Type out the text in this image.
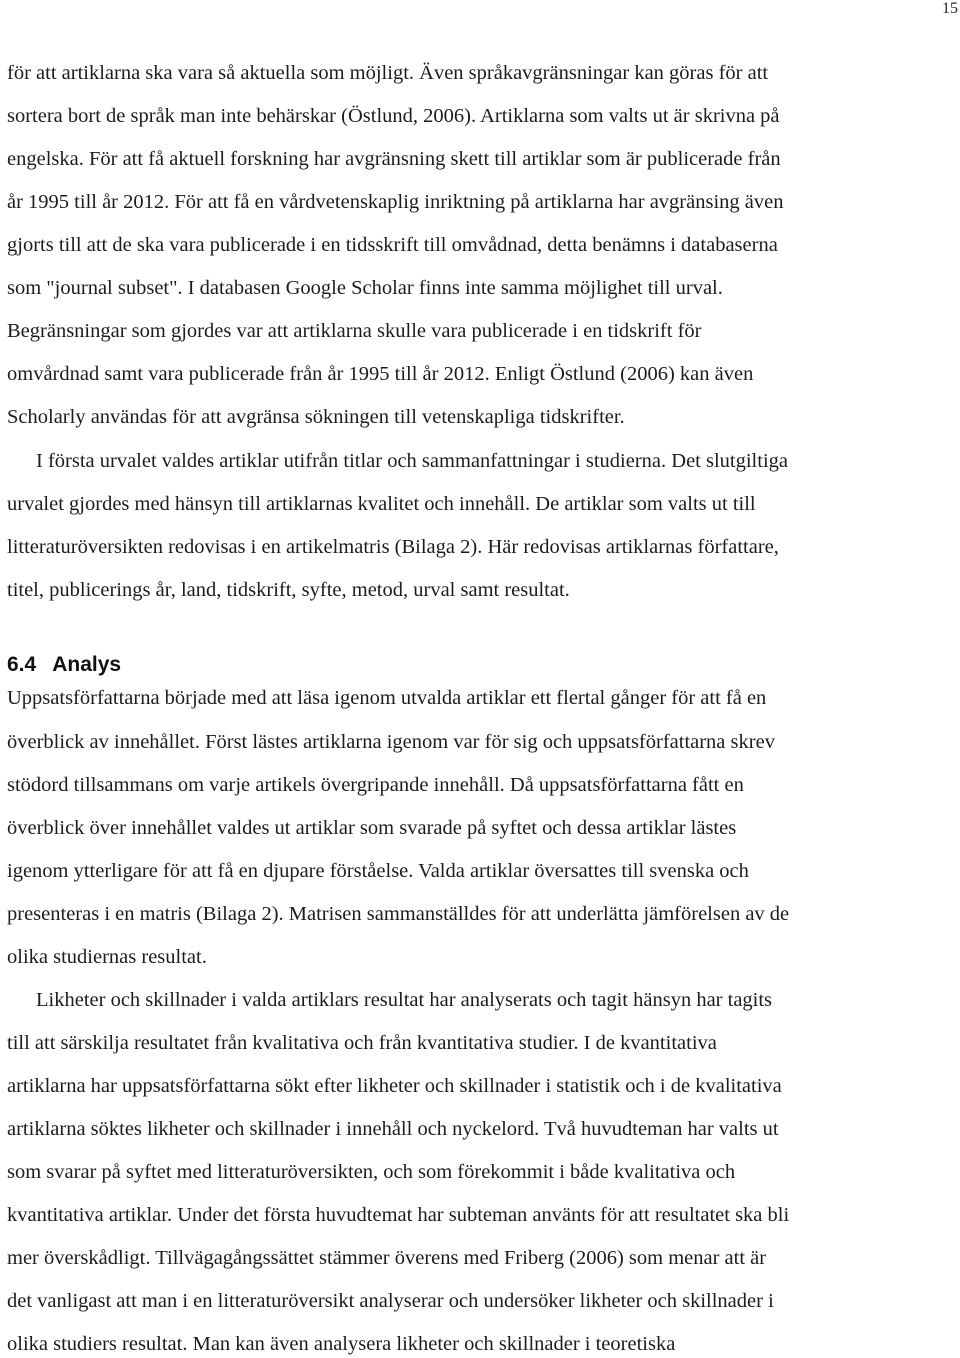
15

för att artiklarna ska vara så aktuella som möjligt. Även språkavgränsningar kan göras för att

sortera bort de språk man inte behärskar (Östlund, 2006). Artiklarna som valts ut är skrivna på

engelska. För att få aktuell forskning har avgränsning skett till artiklar som är publicerade från

år 1995 till år 2012. För att få en vårdvetenskaplig inriktning på artiklarna har avgränsing även

gjorts till att de ska vara publicerade i en tidsskrift till omvådnad, detta benämns i databaserna

som "journal subset". I databasen Google Scholar finns inte samma möjlighet till urval.

Begränsningar som gjordes var att artiklarna skulle vara publicerade i en tidskrift för

omvårdnad samt vara publicerade från år 1995 till år 2012. Enligt Östlund (2006) kan även

Scholarly användas för att avgränsa sökningen till vetenskapliga tidskrifter.

I första urvalet valdes artiklar utifrån titlar och sammanfattningar i studierna. Det slutgiltiga

urvalet gjordes med hänsyn till artiklarnas kvalitet och innehåll. De artiklar som valts ut till

litteraturöversikten redovisas i en artikelmatris (Bilaga 2). Här redovisas artiklarnas författare,

titel, publicerings år, land, tidskrift, syfte, metod, urval samt resultat.

6.4 Analys

Uppsatsförfattarna började med att läsa igenom utvalda artiklar ett flertal gånger för att få en

överblick av innehållet. Först lästes artiklarna igenom var för sig och uppsatsförfattarna skrev

stödord tillsammans om varje artikels övergripande innehåll. Då uppsatsförfattarna fått en

överblick över innehållet valdes ut artiklar som svarade på syftet och dessa artiklar lästes

igenom ytterligare för att få en djupare förståelse. Valda artiklar översattes till svenska och

presenteras i en matris (Bilaga 2). Matrisen sammanställdes för att underlätta jämförelsen av de

olika studiernas resultat.

Likheter och skillnader i valda artiklars resultat har analyserats och tagit hänsyn har tagits

till att särskilja resultatet från kvalitativa och från kvantitativa studier. I de kvantitativa

artiklarna har uppsatsförfattarna sökt efter likheter och skillnader i statistik och i de kvalitativa

artiklarna söktes likheter och skillnader i innehåll och nyckelord. Två huvudteman har valts ut

som svarar på syftet med litteraturöversikten, och som förekommit i både kvalitativa och

kvantitativa artiklar. Under det första huvudtemat har subteman använts för att resultatet ska bli

mer överskådligt. Tillvägagångssättet stämmer överens med Friberg (2006) som menar att är

det vanligast att man i en litteraturöversikt analyserar och undersöker likheter och skillnader i

olika studiers resultat. Man kan även analysera likheter och skillnader i teoretiska
